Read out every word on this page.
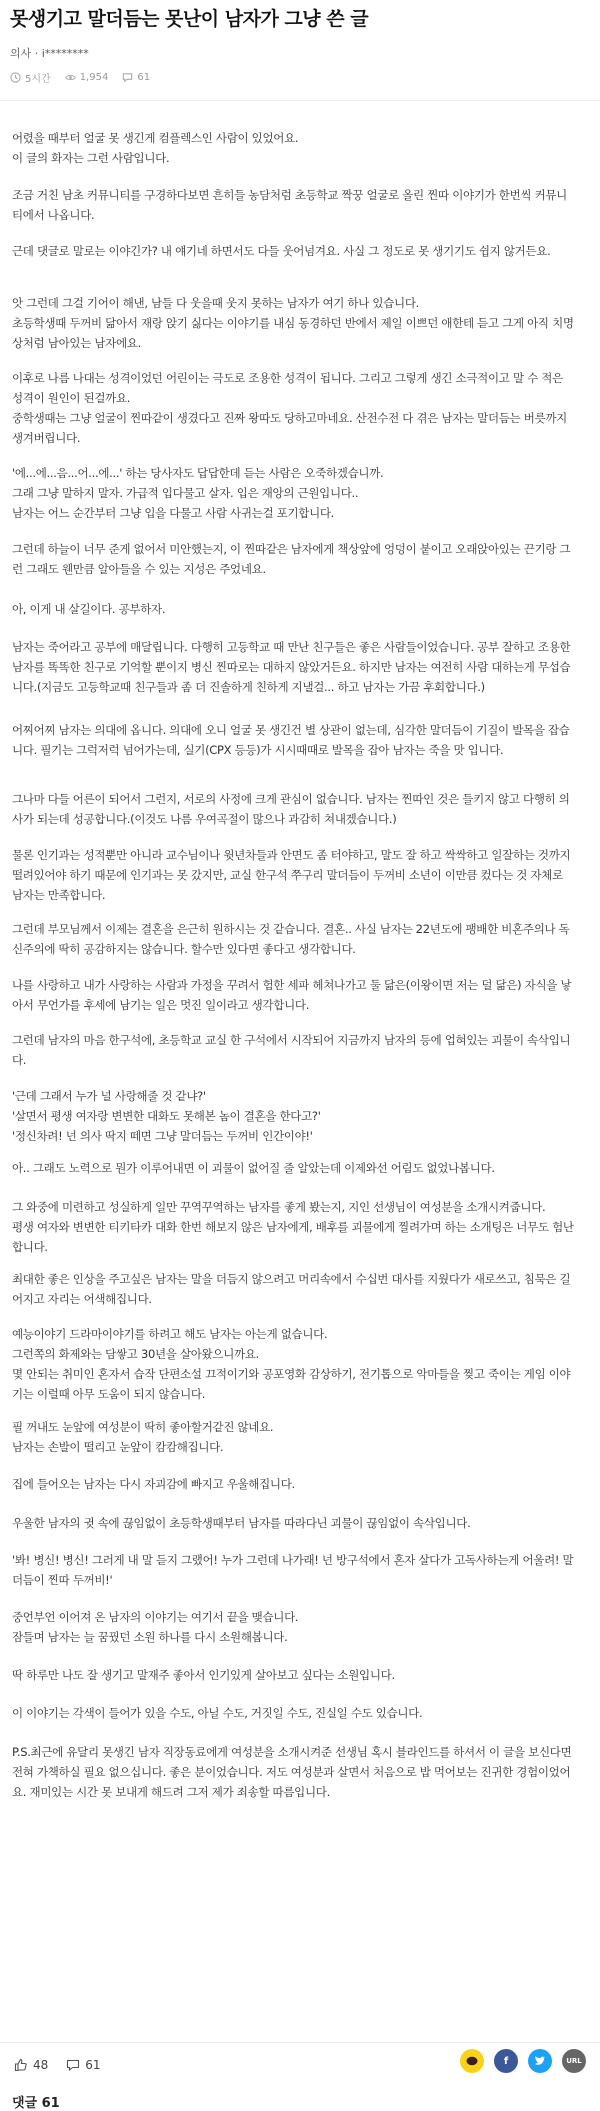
못생기고 말더듬는 못난이 남자가 그냥 쓴 글
의사 · i********
5시간	1,954	61
어렸을 때부터 얼굴 못 생긴게 컴플렉스인 사람이 있었어요.
이 글의 화자는 그런 사람입니다.
조금 거친 남초 커뮤니티를 구경하다보면 흔히들 농담처럼 초등학교 짝꿍 얼굴로 올린 찐따 이야기가 한번씩 커뮤니티에서 나옵니다.
근데 댓글로 말로는 이야긴가? 내 얘기네 하면서도 다들 웃어넘겨요. 사실 그 정도로 못 생기기도 쉽지 않거든요.
앗 그런데 그걸 기어이 해낸, 남들 다 웃을때 웃지 못하는 남자가 여기 하나 있습니다.
초등학생때 두꺼비 닮아서 재랑 앉기 싫다는 이야기를 내심 동경하던 반에서 제일 이쁘던 애한테 듣고 그게 아직 치명상처럼 남아있는 남자에요.
이후로 나름 나대는 성격이었던 어린이는 극도로 조용한 성격이 됩니다. 그리고 그렇게 생긴 소극적이고 말 수 적은 성격이 원인이 된걸까요.
중학생때는 그냥 얼굴이 찐따같이 생겼다고 진짜 왕따도 당하고마네요. 산전수전 다 겪은 남자는 말더듬는 버릇까지 생겨버립니다.
'에...에...음...어...에...' 하는 당사자도 답답한데 듣는 사람은 오죽하겠습니까.
그래 그냥 말하지 말자. 가급적 입다물고 살자. 입은 재앙의 근원입니다..
남자는 어느 순간부터 그냥 입을 다물고 사람 사귀는걸 포기합니다.
그런데 하늘이 너무 준게 없어서 미안했는지, 이 찐따같은 남자에게 책상앞에 엉덩이 붙이고 오래앉아있는 끈기랑 그런 그래도 웬만큼 알아들을 수 있는 지성은 주었네요.
아, 이게 내 살길이다. 공부하자.
남자는 죽어라고 공부에 매달립니다. 다행히 고등학교 때 만난 친구들은 좋은 사람들이었습니다. 공부 잘하고 조용한 남자를 똑똑한 친구로 기억할 뿐이지 병신 찐따로는 대하지 않았거든요. 하지만 남자는 여전히 사람 대하는게 무섭습니다.(지금도 고등학교때 친구들과 좀 더 진솔하게 친하게 지낼걸... 하고 남자는 가끔 후회합니다.)
어찌어찌 남자는 의대에 옵니다. 의대에 오니 얼굴 못 생긴건 별 상관이 없는데, 심각한 말더듬이 기질이 발목을 잡습니다. 필기는 그럭저럭 넘어가는데, 실기(CPX 등등)가 시시때때로 발목을 잡아 남자는 죽을 맛 입니다.
그나마 다들 어른이 되어서 그런지, 서로의 사정에 크게 관심이 없습니다. 남자는 찐따인 것은 들키지 않고 다행히 의사가 되는데 성공합니다.(이것도 나름 우여곡절이 많으나 과감히 쳐내겠습니다.)
물론 인기과는 성적뿐만 아니라 교수님이나 윗년차들과 안면도 좀 터야하고, 말도 잘 하고 싹싹하고 일잘하는 것까지 떨려있어야 하기 때문에 인기과는 못 갔지만, 교실 한구석 쭈구리 말더듬이 두꺼비 소년이 이만큼 컸다는 것 자체로 남자는 만족합니다.
그런데 부모님께서 이제는 결혼을 은근히 원하시는 것 같습니다. 결혼.. 사실 남자는 22년도에 팽배한 비혼주의나 독신주의에 딱히 공감하지는 않습니다. 할수만 있다면 좋다고 생각합니다.
나를 사랑하고 내가 사랑하는 사람과 가정을 꾸려서 험한 세파 헤쳐나가고 둘 닮은(이왕이면 저는 덜 닮은) 자식을 낳아서 무언가를 후세에 남기는 일은 멋진 일이라고 생각합니다.
그런데 남자의 마음 한구석에, 초등학교 교실 한 구석에서 시작되어 지금까지 남자의 등에 업혀있는 괴물이 속삭입니다.
'근데 그래서 누가 널 사랑해줄 것 같냐?'
'살면서 평생 여자랑 변변한 대화도 못해본 놈이 결혼을 한다고?'
'정신차려! 넌 의사 딱지 떼면 그냥 말더듬는 두꺼비 인간이야!'
아.. 그래도 노력으로 뭔가 이루어내면 이 괴물이 없어질 줄 알았는데 이제와선 어림도 없었나봅니다.
그 와중에 미련하고 성실하게 일만 꾸역꾸역하는 남자를 좋게 봤는지, 지인 선생님이 여성분을 소개시켜줍니다.
평생 여자와 변변한 티키타카 대화 한번 해보지 않은 남자에게, 배후를 괴물에게 찔려가며 하는 소개팅은 너무도 험난합니다.
최대한 좋은 인상을 주고싶은 남자는 말을 더듬지 않으려고 머리속에서 수십번 대사를 지웠다가 새로쓰고, 침묵은 길어지고 자리는 어색해집니다.
예능이야기 드라마이야기를 하려고 해도 남자는 아는게 없습니다.
그런쪽의 화제와는 담쌓고 30년을 살아왔으니까요.
몇 안되는 취미인 혼자서 습작 단편소설 끄적이기와 공포영화 감상하기, 전기톱으로 악마들을 찢고 죽이는 게임 이야기는 이럴때 아무 도움이 되지 않습니다.
필 꺼내도 눈앞에 여성분이 딱히 좋아할거같진 않네요.
남자는 손발이 떨리고 눈앞이 캄캄해집니다.
집에 들어오는 남자는 다시 자괴감에 빠지고 우울해집니다.
우울한 남자의 귓 속에 끊임없이 초등학생때부터 남자를 따라다닌 괴물이 끊임없이 속삭입니다.
'봐! 병신! 병신! 그러게 내 말 듣지 그랬어! 누가 그런데 나가래! 넌 방구석에서 혼자 살다가 고독사하는게 어울려! 말더듬이 찐따 두꺼비!'
중언부언 이어져 온 남자의 이야기는 여기서 끝을 맺습니다.
잠들며 남자는 늘 꿈꿨던 소원 하나를 다시 소원해봅니다.
딱 하루만 나도 잘 생기고 말재주 좋아서 인기있게 살아보고 싶다는 소원입니다.
이 이야기는 각색이 들어가 있을 수도, 아닐 수도, 거짓일 수도, 진실일 수도 있습니다.
P.S.최근에 유달리 못생긴 남자 직장동료에게 여성분을 소개시켜준 선생님 혹시 블라인드를 하셔서 이 글을 보신다면 전혀 가책하실 필요 없으십니다. 좋은 분이었습니다. 저도 여성분과 살면서 처음으로 밥 먹어보는 진귀한 경험이었어요. 재미있는 시간 못 보내게 해드려 그저 제가 죄송할 따름입니다.
48	61	f	URL
댓글 61
